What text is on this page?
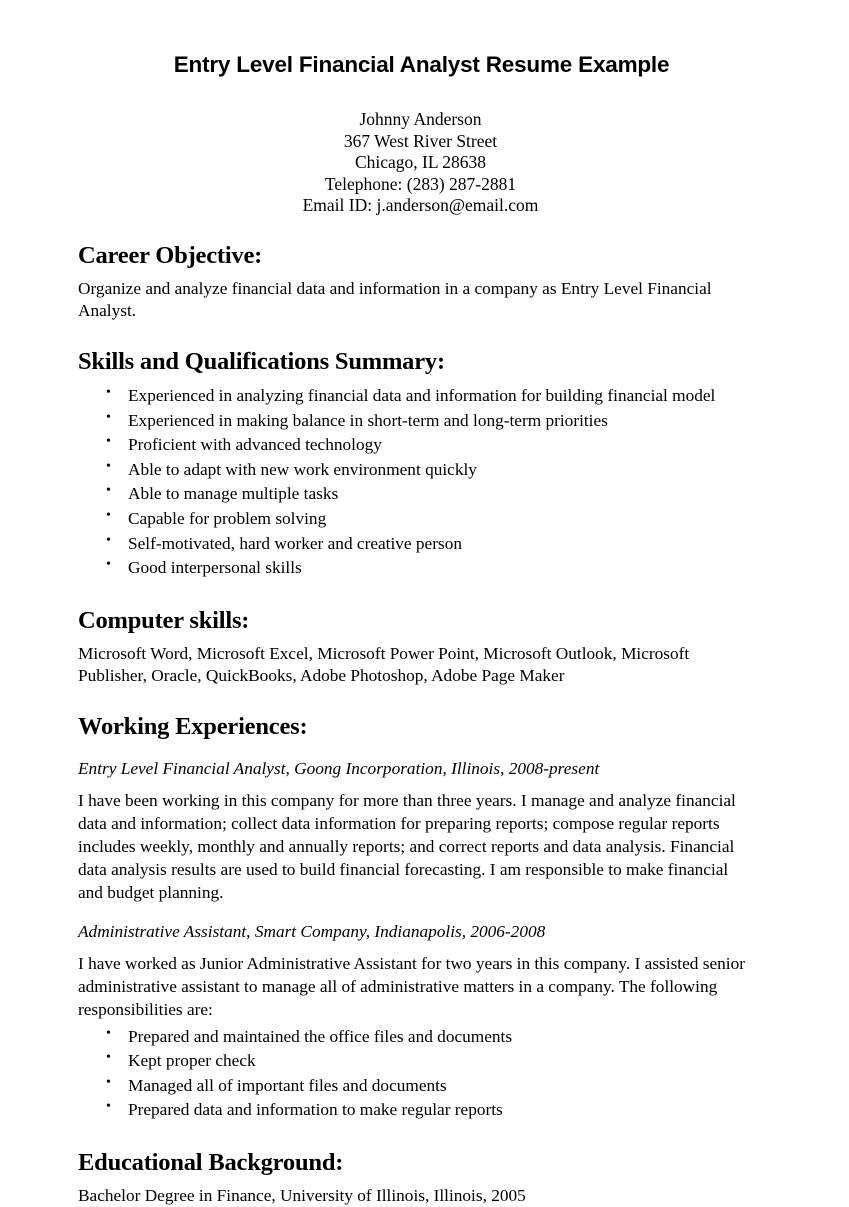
Entry Level Financial Analyst Resume Example
Johnny Anderson
367 West River Street
Chicago, IL 28638
Telephone: (283) 287-2881
Email ID: j.anderson@email.com
Career Objective:

Organize and analyze financial data and information in a company as Entry Level Financial Analyst.

Skills and Qualifications Summary:
• Experienced in analyzing financial data and information for building financial model
• Experienced in making balance in short-term and long-term priorities
• Proficient with advanced technology
• Able to adapt with new work environment quickly
• Able to manage multiple tasks
• Capable for problem solving
• Self-motivated, hard worker and creative person
• Good interpersonal skills
Computer skills:

Microsoft Word, Microsoft Excel, Microsoft Power Point, Microsoft Outlook, Microsoft Publisher, Oracle, QuickBooks, Adobe Photoshop, Adobe Page Maker

Working Experiences:
Entry Level Financial Analyst, Goong Incorporation, Illinois, 2008-present

I have been working in this company for more than three years. I manage and analyze financial data and information; collect data information for preparing reports; compose regular reports includes weekly, monthly and annually reports; and correct reports and data analysis. Financial data analysis results are used to build financial forecasting. I am responsible to make financial and budget planning.

Administrative Assistant, Smart Company, Indianapolis, 2006-2008

I have worked as Junior Administrative Assistant for two years in this company. I assisted senior administrative assistant to manage all of administrative matters in a company. The following responsibilities are:

• Prepared and maintained the office files and documents
• Kept proper check
• Managed all of important files and documents
• Prepared data and information to make regular reports
Educational Background:

Bachelor Degree in Finance, University of Illinois, Illinois, 2005
